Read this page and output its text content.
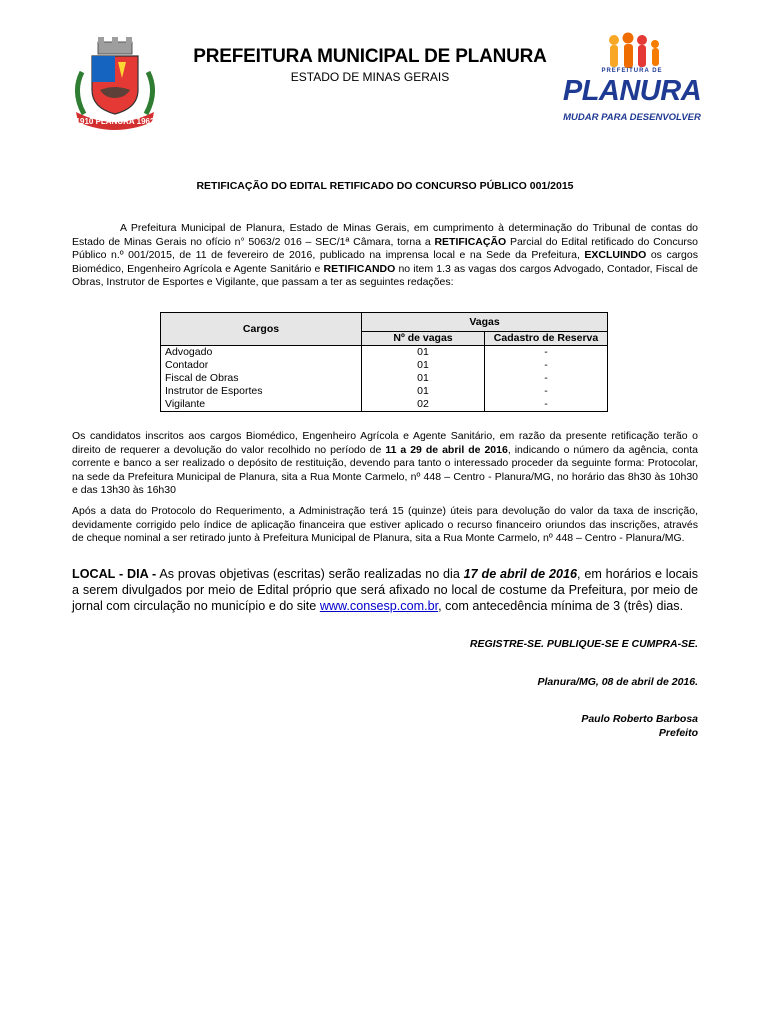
1910 PLANURA 1962
PREFEITURA MUNICIPAL DE PLANURA
ESTADO DE MINAS GERAIS	PREFEITURA DE
PLANURA
MUDAR PARA DESENVOLVER
RETIFICAÇÃO DO EDITAL RETIFICADO DO CONCURSO PÚBLICO 001/2015
A Prefeitura Municipal de Planura, Estado de Minas Gerais, em cumprimento à determinação do Tribunal de contas do Estado de Minas Gerais no ofício n° 5063/2 016 – SEC/1ª Câmara, torna a RETIFICAÇÃO Parcial do Edital retificado do Concurso Público n.º 001/2015, de 11 de fevereiro de 2016, publicado na imprensa local e na Sede da Prefeitura, EXCLUINDO os cargos Biomédico, Engenheiro Agrícola e Agente Sanitário e RETIFICANDO no item 1.3 as vagas dos cargos Advogado, Contador, Fiscal de Obras, Instrutor de Esportes e Vigilante, que passam a ter as seguintes redações:
Cargos	Vagas	
	Nº de vagas	Cadastro de Reserva
Advogado	01	-
Contador	01	-
Fiscal de Obras	01	-
Instrutor de Esportes	01	-
Vigilante	02	-
Os candidatos inscritos aos cargos Biomédico, Engenheiro Agrícola e Agente Sanitário, em razão da presente retificação terão o direito de requerer a devolução do valor recolhido no período de 11 a 29 de abril de 2016, indicando o número da agência, conta corrente e banco a ser realizado o depósito de restituição, devendo para tanto o interessado proceder da seguinte forma: Protocolar, na sede da Prefeitura Municipal de Planura, sita a Rua Monte Carmelo, nº 448 – Centro - Planura/MG, no horário das 8h30 às 10h30 e das 13h30 às 16h30
Após a data do Protocolo do Requerimento, a Administração terá 15 (quinze) úteis para devolução do valor da taxa de inscrição, devidamente corrigido pelo índice de aplicação financeira que estiver aplicado o recurso financeiro oriundos das inscrições, através de cheque nominal a ser retirado junto à Prefeitura Municipal de Planura, sita a Rua Monte Carmelo, nº 448 – Centro - Planura/MG.
LOCAL - DIA - As provas objetivas (escritas) serão realizadas no dia 17 de abril de 2016, em horários e locais a serem divulgados por meio de Edital próprio que será afixado no local de costume da Prefeitura, por meio de jornal com circulação no município e do site www.consesp.com.br, com antecedência mínima de 3 (três) dias.
REGISTRE-SE. PUBLIQUE-SE E CUMPRA-SE.
Planura/MG, 08 de abril de 2016.
Paulo Roberto Barbosa
Prefeito
